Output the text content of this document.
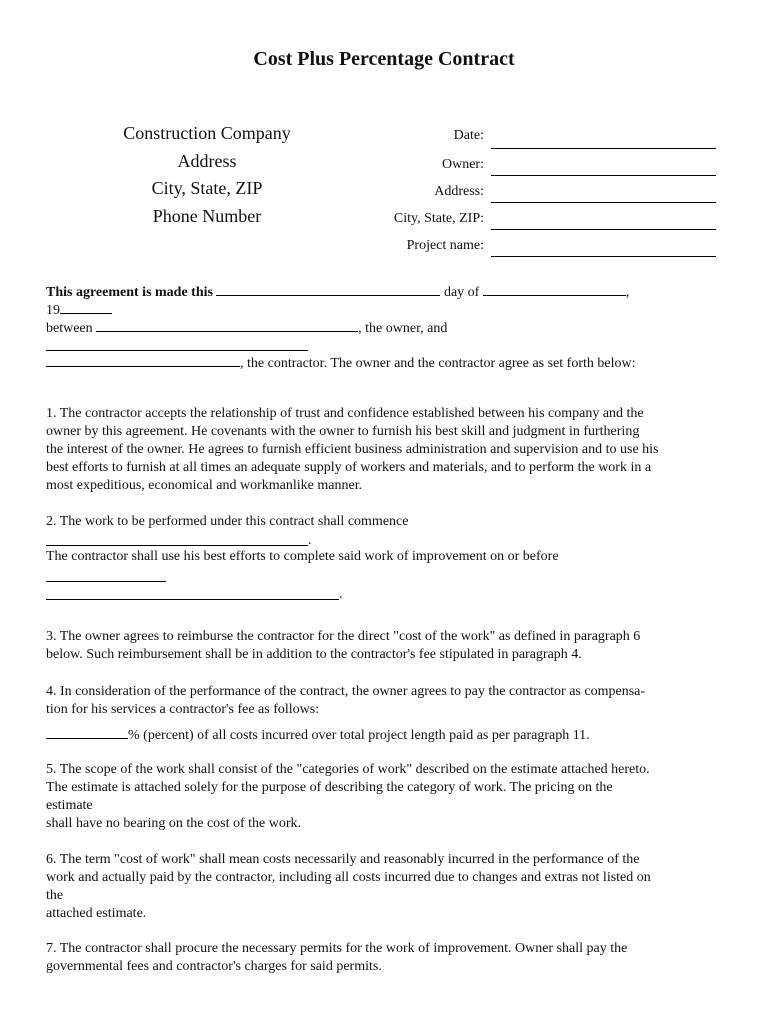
Cost Plus Percentage Contract
Construction Company
Address
City, State, ZIP
Phone Number
Date:
Owner:
Address:
City, State, ZIP:
Project name:
This agreement is made this	day of	,
19
between	, the owner, and
, the contractor. The owner and the contractor agree as set forth below:
1. The contractor accepts the relationship of trust and confidence established between his company and the
owner by this agreement. He covenants with the owner to furnish his best skill and judgment in furthering
the interest of the owner. He agrees to furnish efficient business administration and supervision and to use his
best efforts to furnish at all times an adequate supply of workers and materials, and to perform the work in a
most expeditious, economical and workmanlike manner.
2. The work to be performed under this contract shall commence
.
The contractor shall use his best efforts to complete said work of improvement on or before
.
3. The owner agrees to reimburse the contractor for the direct "cost of the work" as defined in paragraph 6
below. Such reimbursement shall be in addition to the contractor's fee stipulated in paragraph 4.
4. In consideration of the performance of the contract, the owner agrees to pay the contractor as compensa-
tion for his services a contractor's fee as follows:
% (percent) of all costs incurred over total project length paid as per paragraph 11.
5. The scope of the work shall consist of the "categories of work" described on the estimate attached hereto.
The estimate is attached solely for the purpose of describing the category of work. The pricing on the
estimate
shall have no bearing on the cost of the work.
6. The term "cost of work" shall mean costs necessarily and reasonably incurred in the performance of the
work and actually paid by the contractor, including all costs incurred due to changes and extras not listed on
the
attached estimate.
7. The contractor shall procure the necessary permits for the work of improvement. Owner shall pay the
governmental fees and contractor's charges for said permits.
